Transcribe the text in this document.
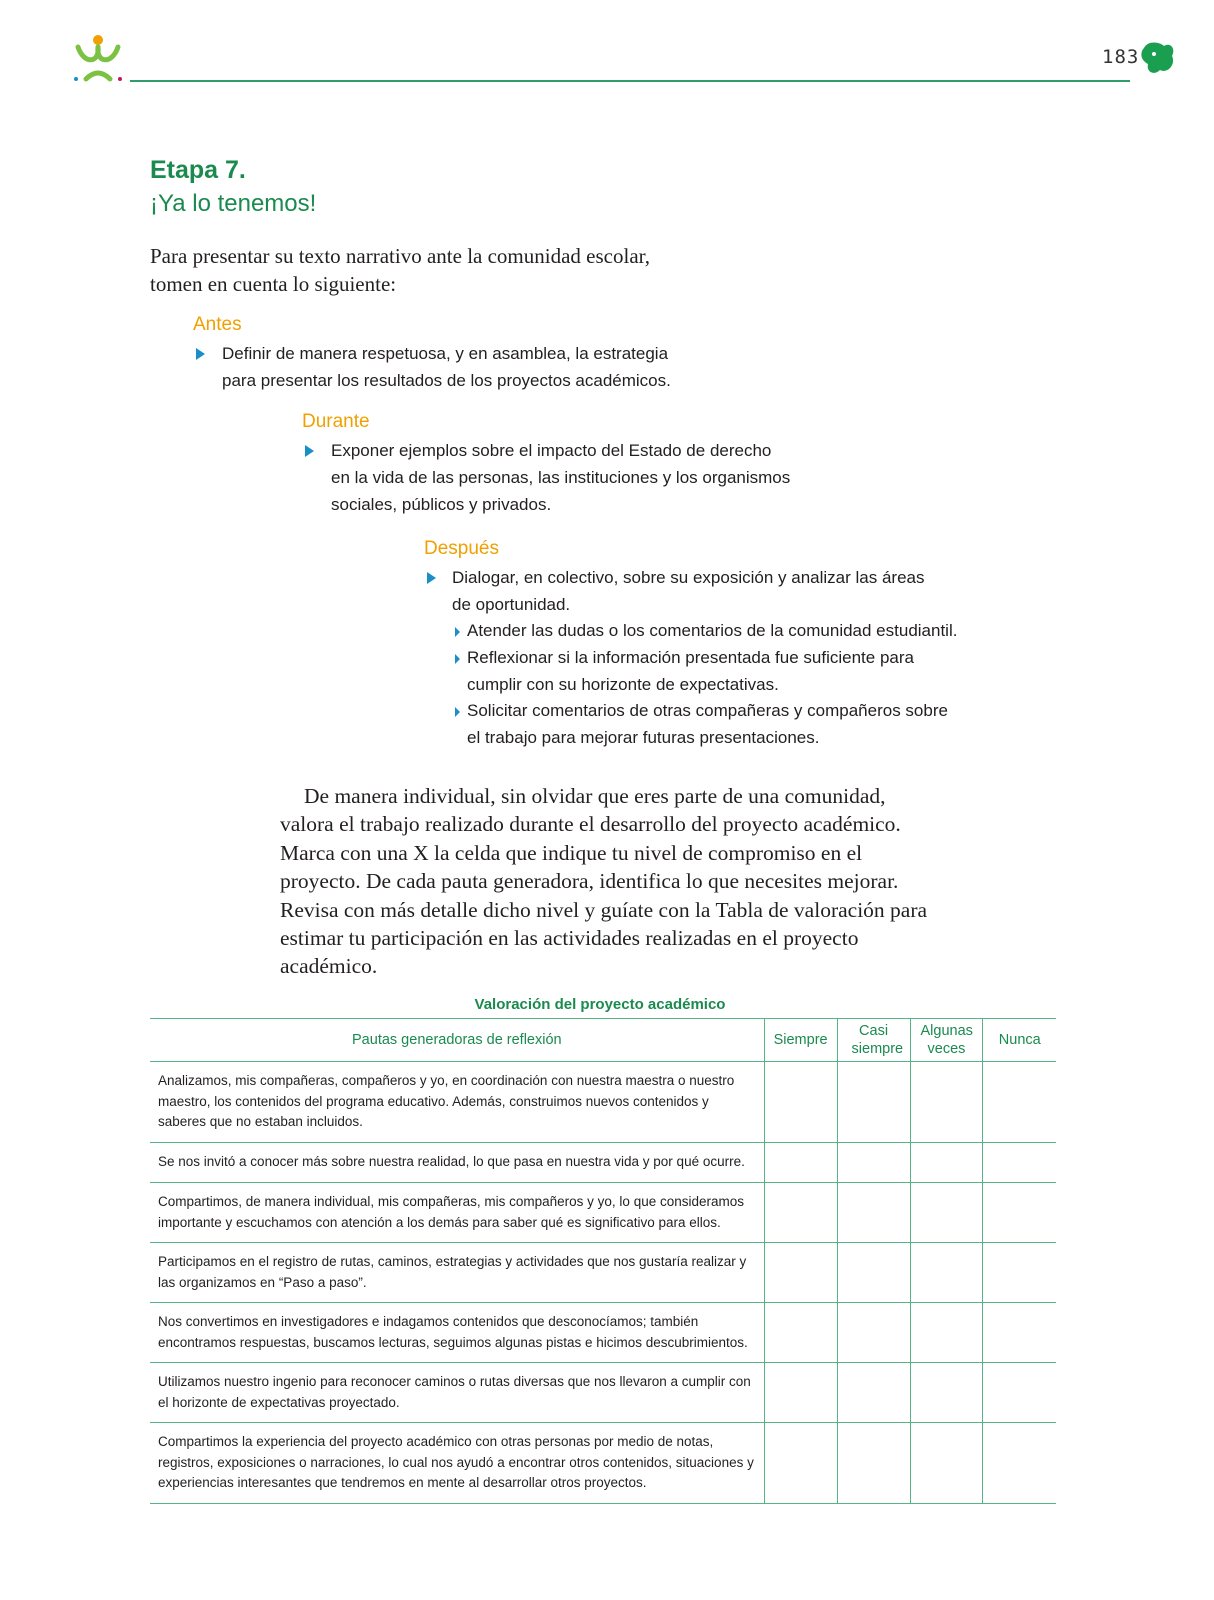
183
Etapa 7.
¡Ya lo tenemos!
Para presentar su texto narrativo ante la comunidad escolar, tomen en cuenta lo siguiente:
Antes
Definir de manera respetuosa, y en asamblea, la estrategia
para presentar los resultados de los proyectos académicos.
Durante
Exponer ejemplos sobre el impacto del Estado de derecho
en la vida de las personas, las instituciones y los organismos
sociales, públicos y privados.
Después
Dialogar, en colectivo, sobre su exposición y analizar las áreas
de oportunidad.
Atender las dudas o los comentarios de la comunidad estudiantil.
Reflexionar si la información presentada fue suficiente para
cumplir con su horizonte de expectativas.
Solicitar comentarios de otras compañeras y compañeros sobre
el trabajo para mejorar futuras presentaciones.
De manera individual, sin olvidar que eres parte de una comunidad, valora el trabajo realizado durante el desarrollo del proyecto académico. Marca con una X la celda que indique tu nivel de compromiso en el proyecto. De cada pauta generadora, identifica lo que necesites mejorar. Revisa con más detalle dicho nivel y guíate con la Tabla de valoración para estimar tu participación en las actividades realizadas en el proyecto académico.
Valoración del proyecto académico
Pautas generadoras de reflexión	Siempre	Casi siempre	Algunas veces	Nunca
Analizamos, mis compañeras, compañeros y yo, en coordinación con nuestra maestra o nuestro maestro, los contenidos del programa educativo. Además, construimos nuevos contenidos y saberes que no estaban incluidos.				
Se nos invitó a conocer más sobre nuestra realidad, lo que pasa en nuestra vida y por qué ocurre.				
Compartimos, de manera individual, mis compañeras, mis compañeros y yo, lo que consideramos importante y escuchamos con atención a los demás para saber qué es significativo para ellos.				
Participamos en el registro de rutas, caminos, estrategias y actividades que nos gustaría realizar y las organizamos en “Paso a paso”.				
Nos convertimos en investigadores e indagamos contenidos que desconocíamos; también encontramos respuestas, buscamos lecturas, seguimos algunas pistas e hicimos descubrimientos.				
Utilizamos nuestro ingenio para reconocer caminos o rutas diversas que nos llevaron a cumplir con el horizonte de expectativas proyectado.				
Compartimos la experiencia del proyecto académico con otras personas por medio de notas, registros, exposiciones o narraciones, lo cual nos ayudó a encontrar otros contenidos, situaciones y experiencias interesantes que tendremos en mente al desarrollar otros proyectos.				
